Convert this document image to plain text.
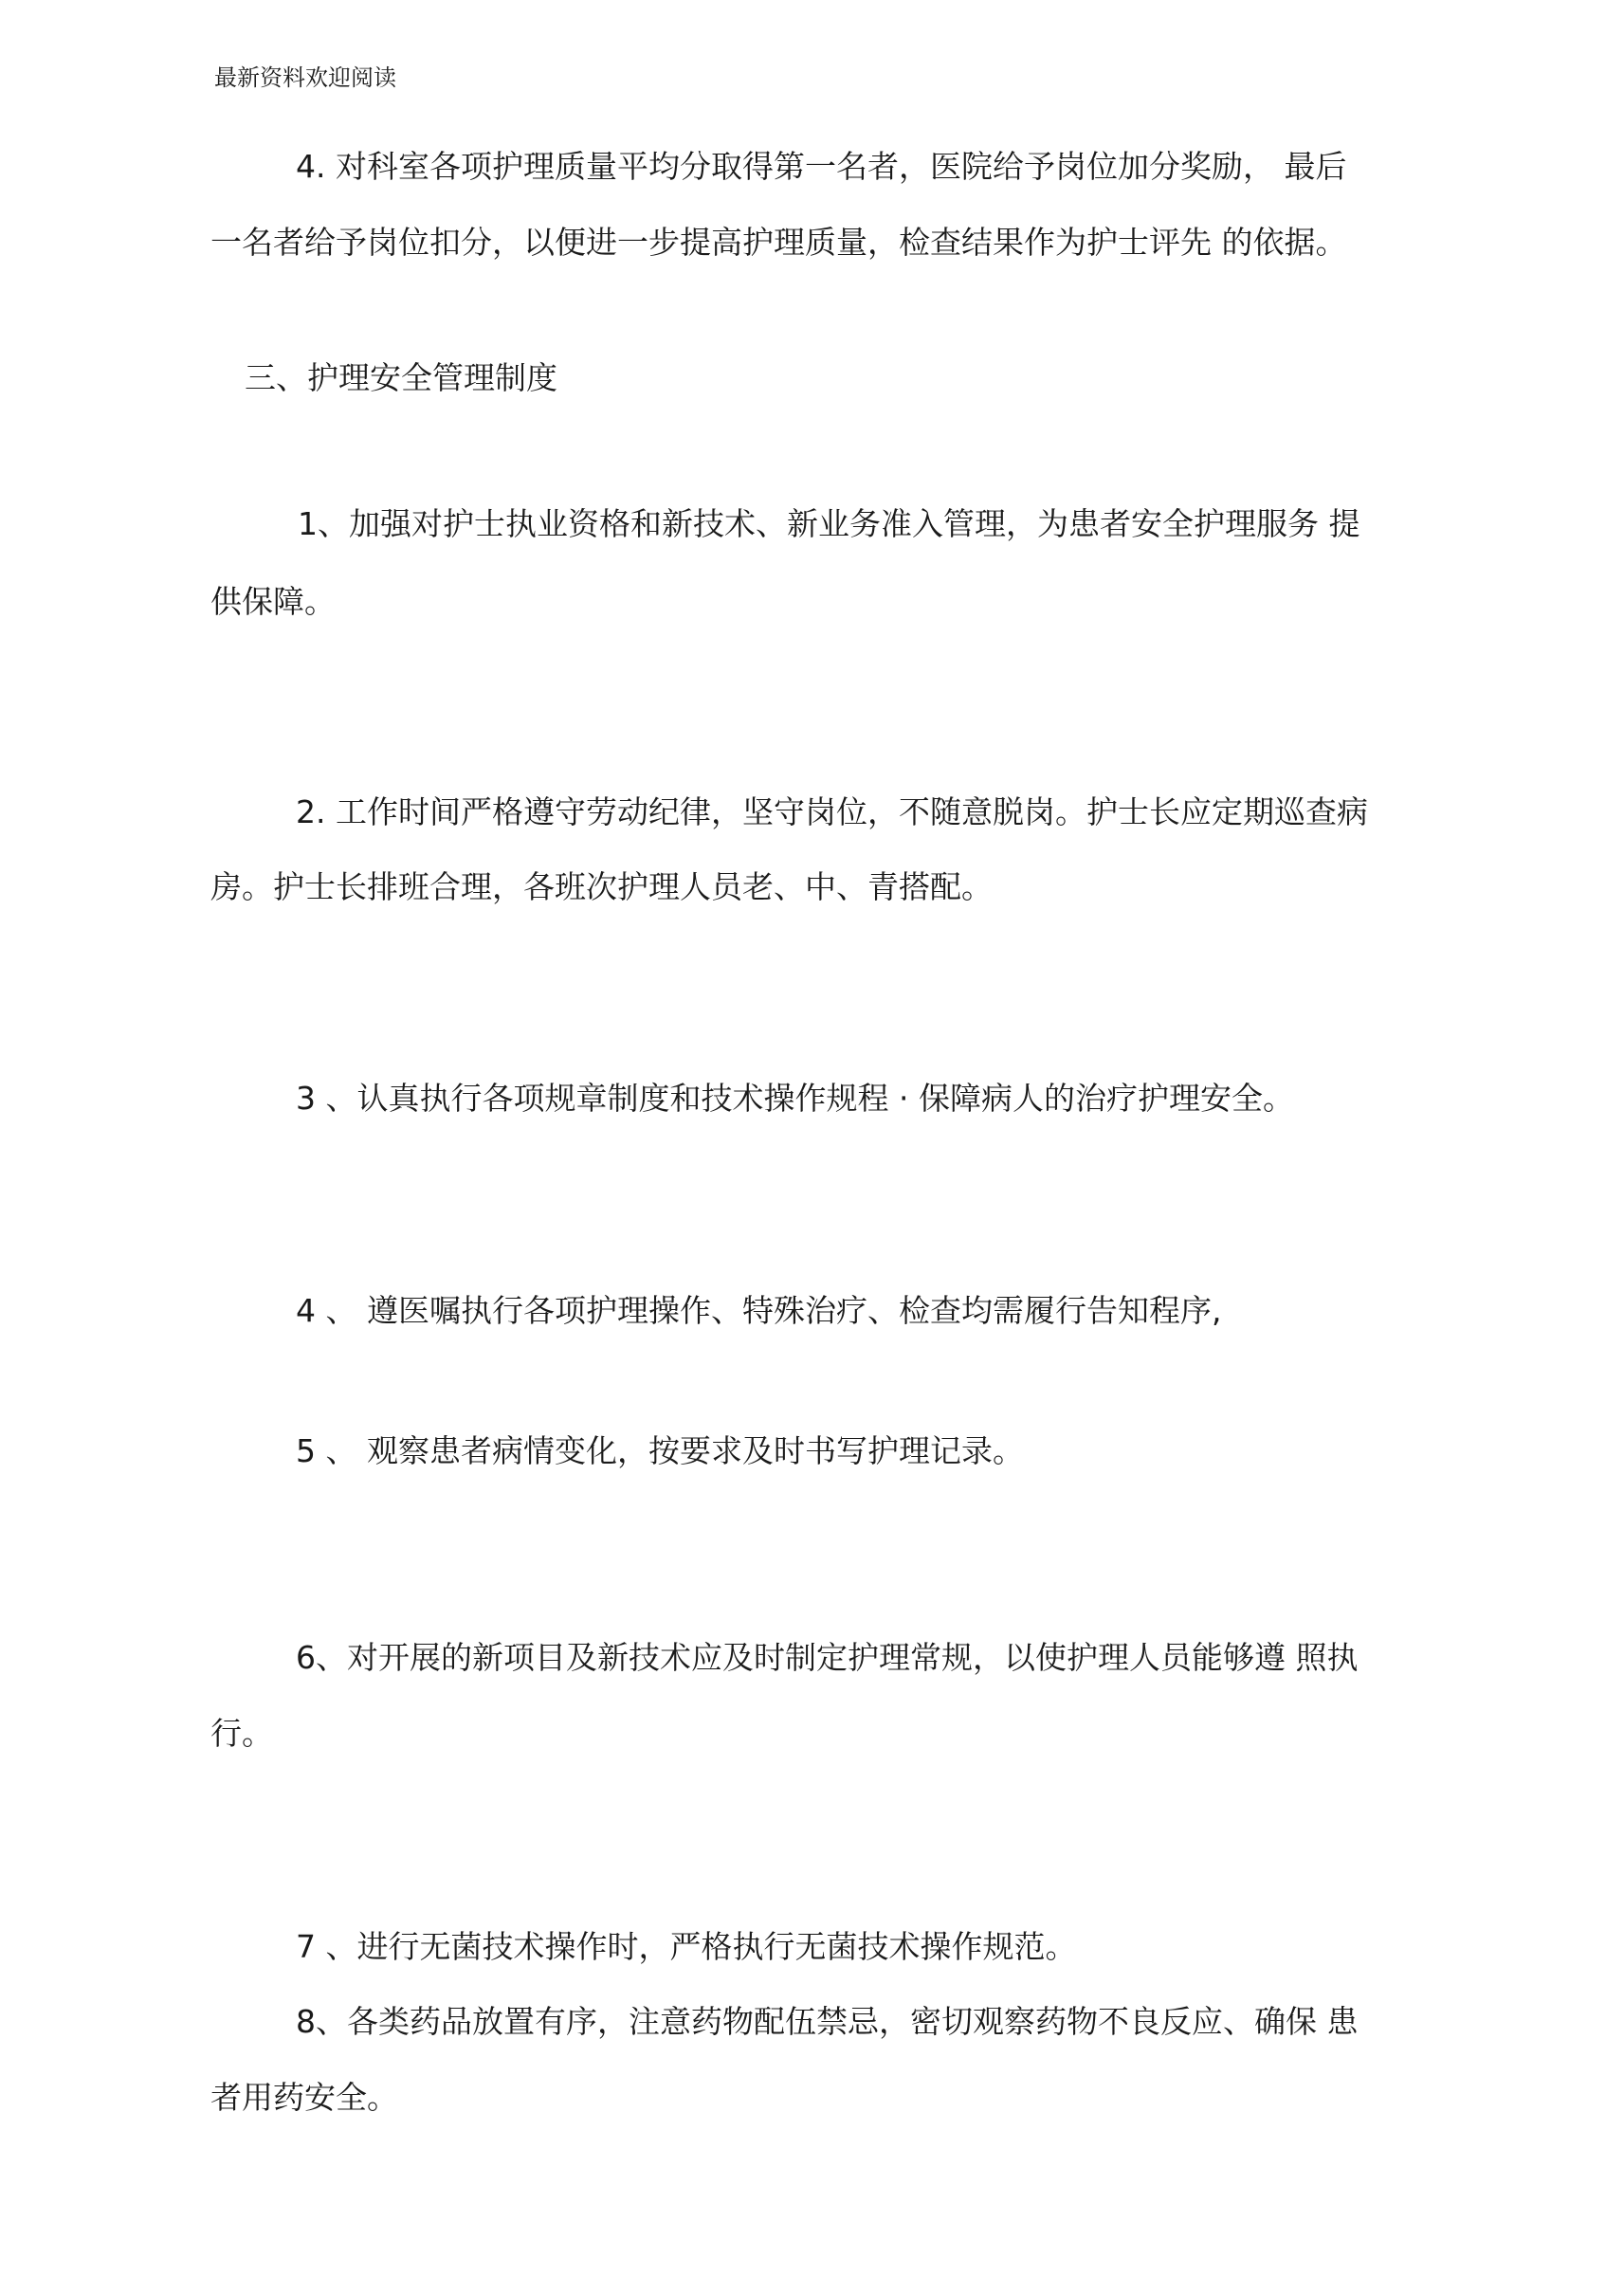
最新资料欢迎阅读
4. 对科室各项护理质量平均分取得第一名者，医院给予岗位加分奖励， 最后
一名者给予岗位扣分，以便进一步提高护理质量，检查结果作为护士评先 的依据。
三、护理安全管理制度
1、加强对护士执业资格和新技术、新业务准入管理，为患者安全护理服务 提
供保障。
2. 工作时间严格遵守劳动纪律，坚守岗位，不随意脱岗。护士长应定期巡查病
房。护士长排班合理，各班次护理人员老、中、青搭配。
3 、认真执行各项规章制度和技术操作规程 · 保障病人的治疗护理安全。
4 、 遵医嘱执行各项护理操作、特殊治疗、检查均需履行告知程序,
5 、 观察患者病情变化，按要求及时书写护理记录。
6、对开展的新项目及新技术应及时制定护理常规，以使护理人员能够遵 照执
行。
7 、进行无菌技术操作时，严格执行无菌技术操作规范。
8、各类药品放置有序，注意药物配伍禁忌，密切观察药物不良反应、确保 患
者用药安全。
